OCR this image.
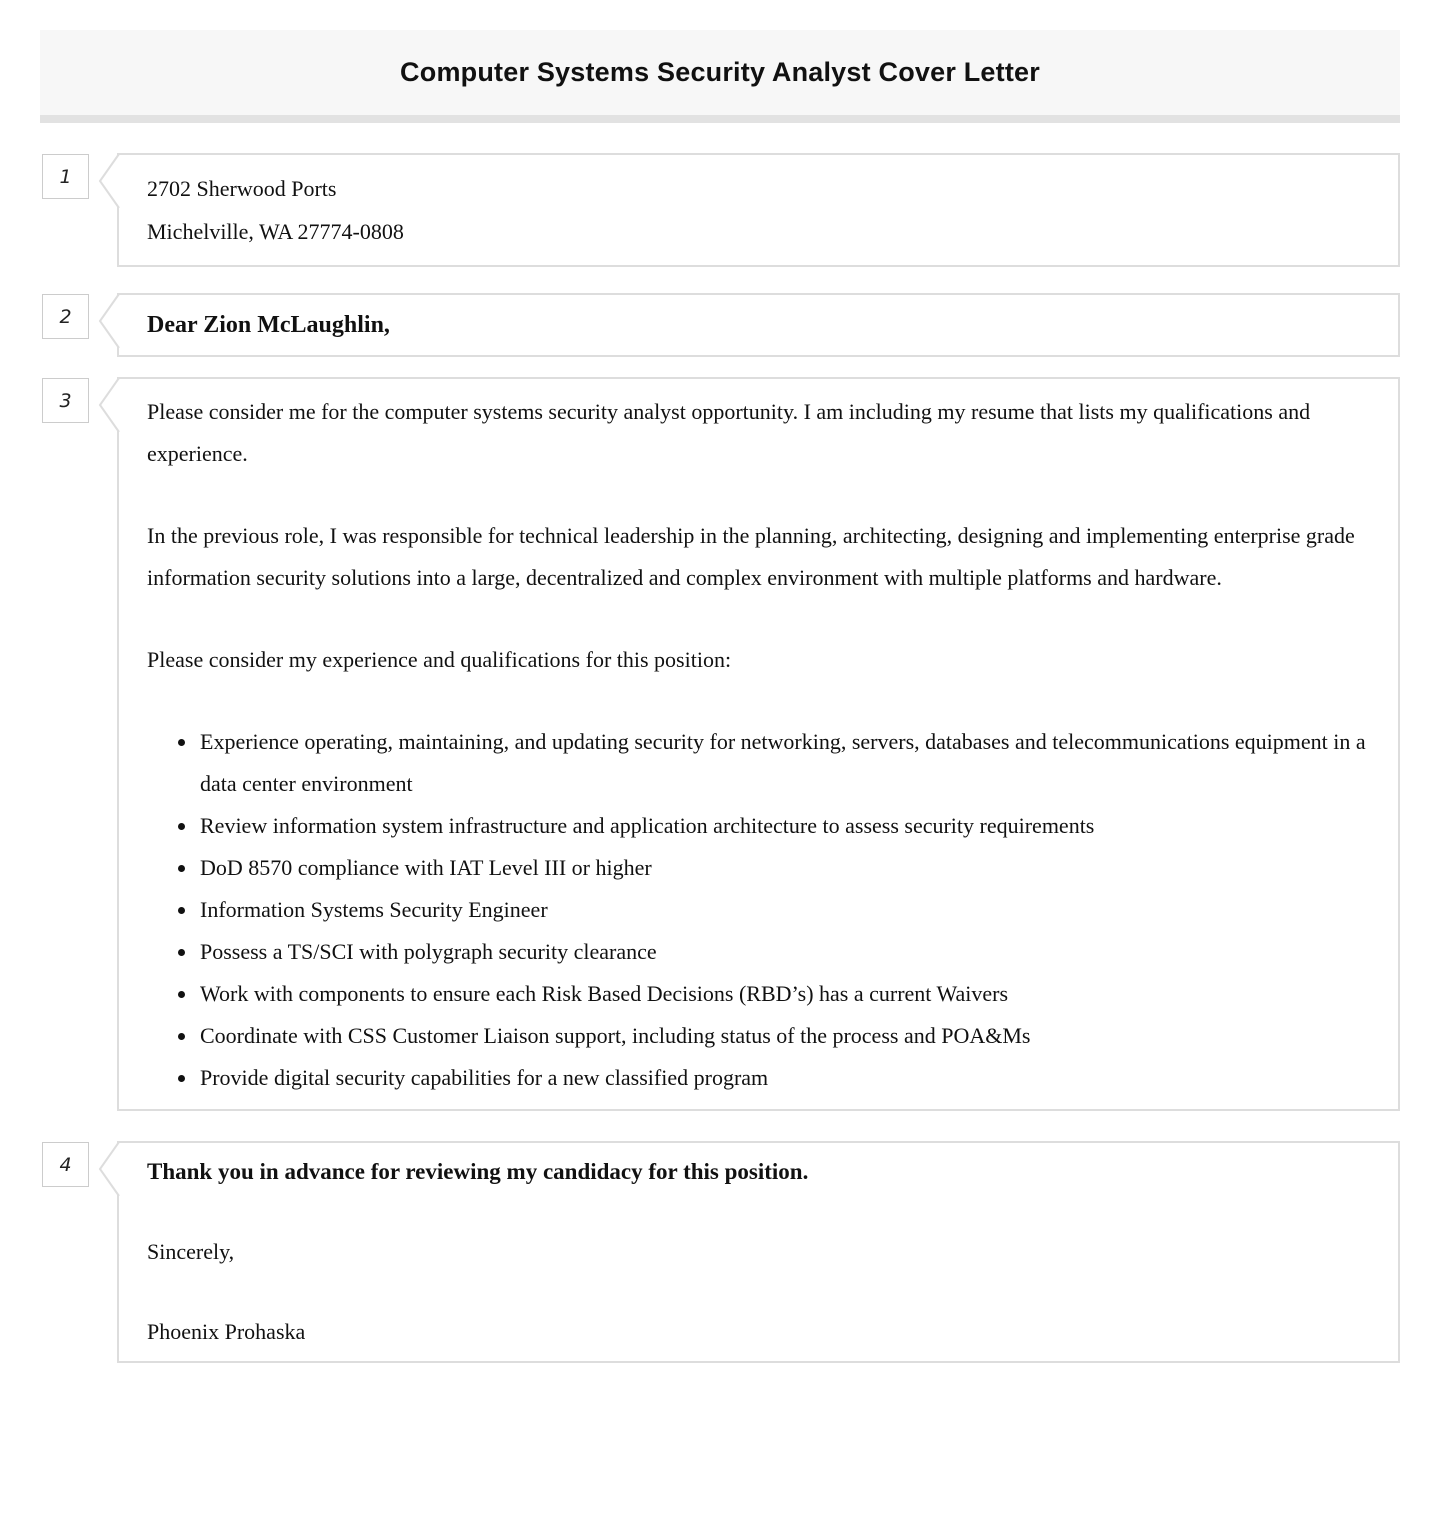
Computer Systems Security Analyst Cover Letter
1	2702 Sherwood Ports

Michelville, WA 27774-0808

2	Dear Zion McLaughlin,

3	Please consider me for the computer systems security analyst opportunity. I am including my resume that lists my qualifications and experience.

In the previous role, I was responsible for technical leadership in the planning, architecting, designing and implementing enterprise grade information security solutions into a large, decentralized and complex environment with multiple platforms and hardware.

Please consider my experience and qualifications for this position:

• Experience operating, maintaining, and updating security for networking, servers, databases and telecommunications equipment in a data center environment
• Review information system infrastructure and application architecture to assess security requirements
• DoD 8570 compliance with IAT Level III or higher
• Information Systems Security Engineer
• Possess a TS/SCI with polygraph security clearance
• Work with components to ensure each Risk Based Decisions (RBD’s) has a current Waivers
• Coordinate with CSS Customer Liaison support, including status of the process and POA&Ms
• Provide digital security capabilities for a new classified program
4	Thank you in advance for reviewing my candidacy for this position.

Sincerely,

Phoenix Prohaska
